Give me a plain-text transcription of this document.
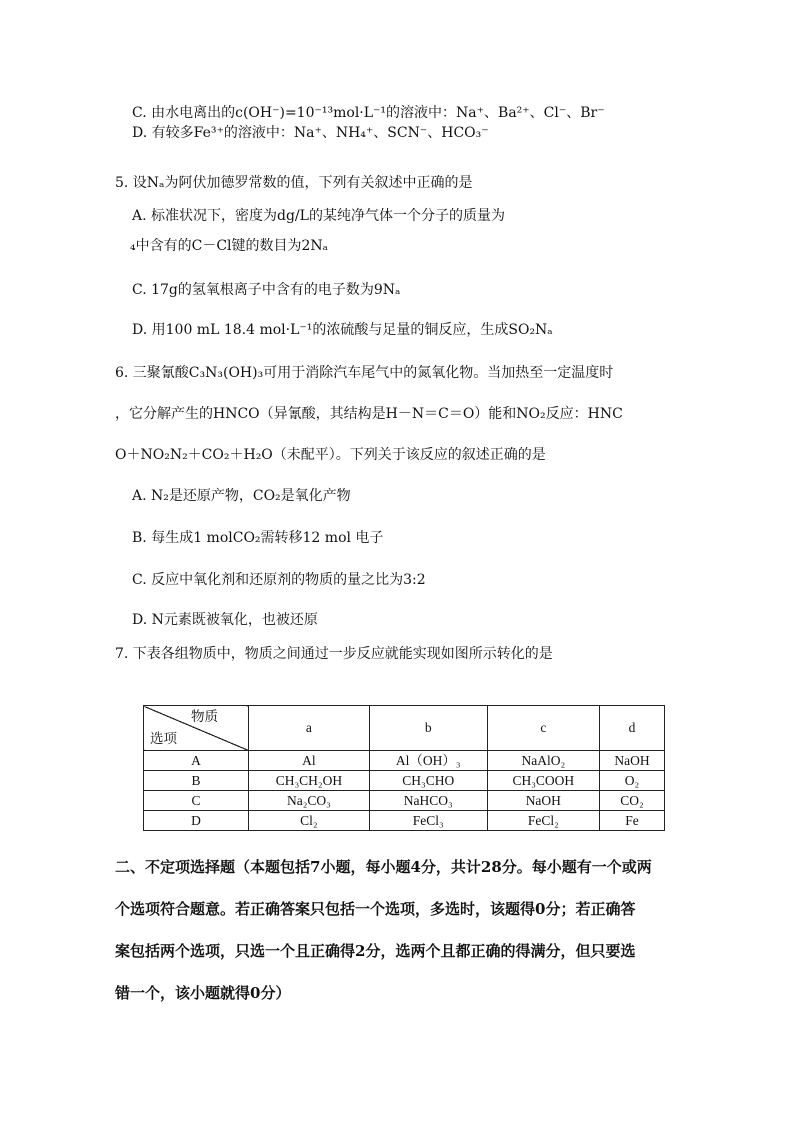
C. 由水电离出的c(OH⁻)=10⁻¹³mol·L⁻¹的溶液中：Na⁺、Ba²⁺、Cl⁻、Br⁻
D. 有较多Fe³⁺的溶液中：Na⁺、NH₄⁺、SCN⁻、HCO₃⁻
5. 设Nₐ为阿伏加德罗常数的值，下列有关叙述中正确的是
A. 标准状况下，密度为dg/L的某纯净气体一个分子的质量为
₄中含有的C－Cl键的数目为2Nₐ
C. 17g的氢氧根离子中含有的电子数为9Nₐ
D. 用100 mL 18.4 mol·L⁻¹的浓硫酸与足量的铜反应，生成SO₂Nₐ
6. 三聚氰酸C₃N₃(OH)₃可用于消除汽车尾气中的氮氧化物。当加热至一定温度时
，它分解产生的HNCO（异氰酸，其结构是H－N＝C＝O）能和NO₂反应：HNC
O＋NO₂N₂＋CO₂＋H₂O（未配平）。下列关于该反应的叙述正确的是
A. N₂是还原产物，CO₂是氧化产物
B. 每生成1 molCO₂需转移12 mol 电子
C. 反应中氧化剂和还原剂的物质的量之比为3:2
D. N元素既被氧化，也被还原
7. 下表各组物质中，物质之间通过一步反应就能实现如图所示转化的是
物质
选项	a	b	c	d
A	Al	Al（OH）₃	NaAlO₂	NaOH
B	CH₃CH₂OH	CH₃CHO	CH₃COOH	O₂
C	Na₂CO₃	NaHCO₃	NaOH	CO₂
D	Cl₂	FeCl₃	FeCl₂	Fe
二、不定项选择题（本题包括7小题，每小题4分，共计28分。每小题有一个或两
个选项符合题意。若正确答案只包括一个选项，多选时，该题得0分；若正确答
案包括两个选项，只选一个且正确得2分，选两个且都正确的得满分，但只要选
错一个，该小题就得0分）
